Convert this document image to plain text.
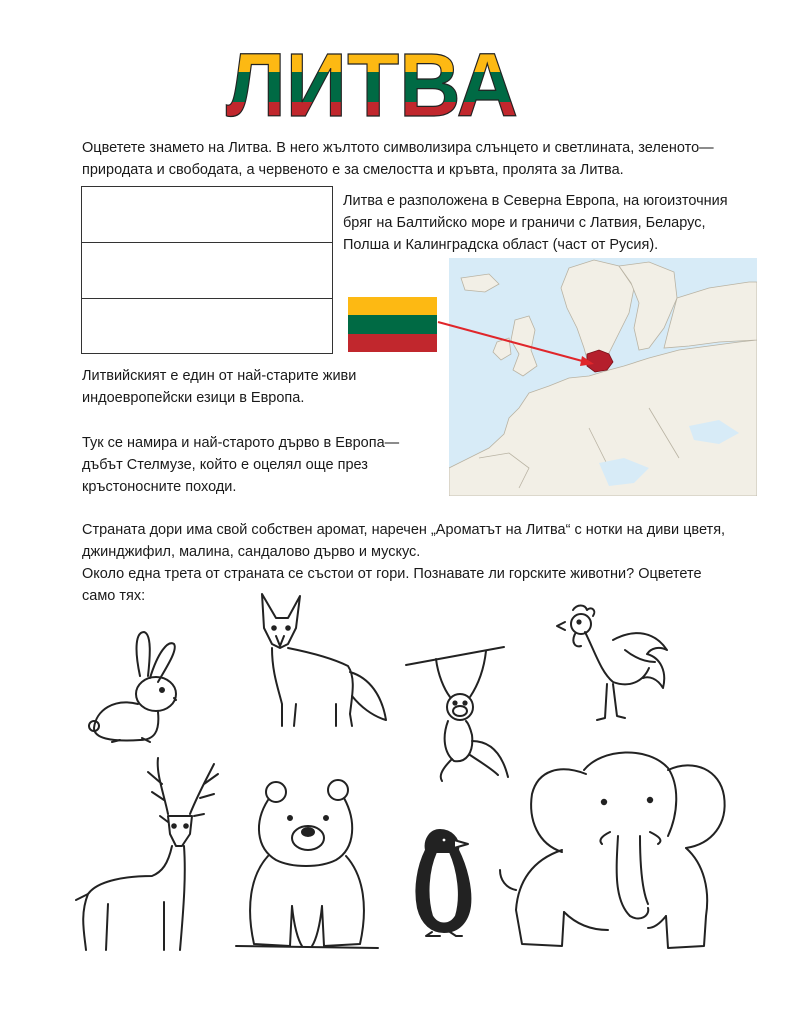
ЛИТВА
Оцветете знамето на Литва. В него жълтото символизира слънцето и светлината, зеленото—природата и свободата, а червеното е за смелостта и кръвта, пролята за Литва.
Литва е разположена в Северна Европа, на югоизточния бряг на Балтийско море и граничи с Латвия, Беларус, Полша и Калинградска област (част от Русия).
Литвийският е един от най-старите живи индоевропейски езици в Европа.
Тук се намира и най-старото дърво в Европа—дъбът Стелмузе, който е оцелял още през кръстоносните походи.
Страната дори има свой собствен аромат, наречен „Ароматът на Литва“ с нотки на диви цветя, джинджифил, малина, сандалово дърво и мускус.
Около една трета от страната се състои от гори. Познавате ли горските животни? Оцветете само тях:
